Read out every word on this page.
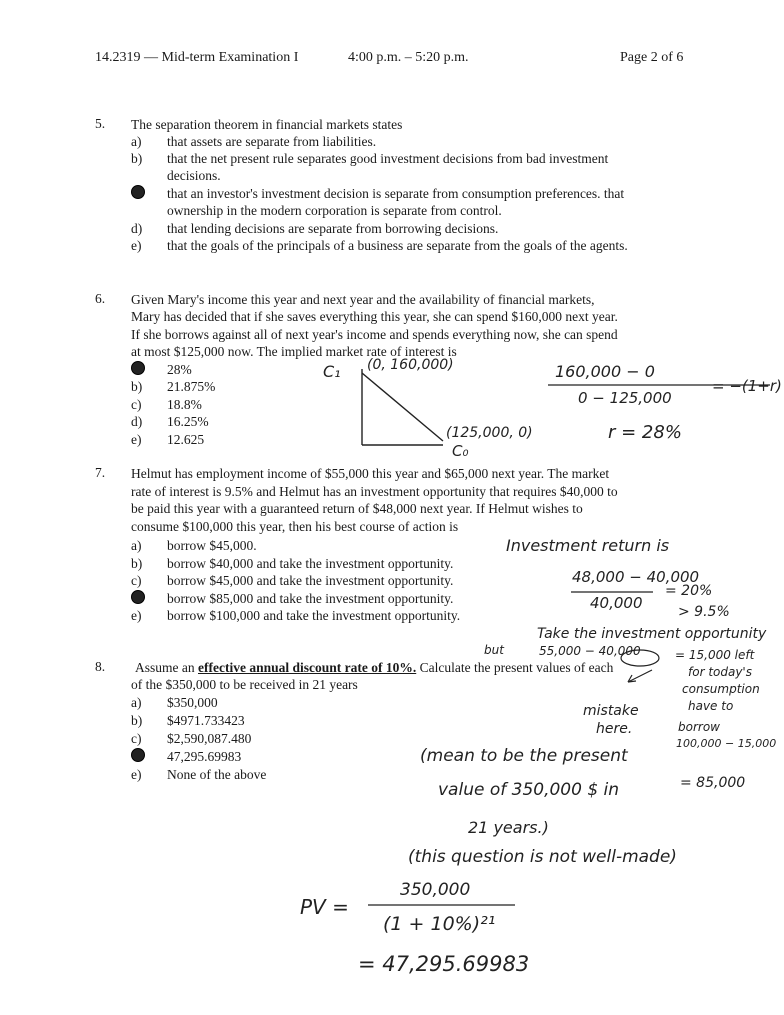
14.2319 — Mid-term Examination I	4:00 p.m. – 5:20 p.m.	Page 2 of 6
5. The separation theorem in financial markets states
a)	that assets are separate from liabilities.
b)	that the net present rule separates good investment decisions from bad investment
decisions.
that an investor's investment decision is separate from consumption preferences. that
ownership in the modern corporation is separate from control.
d)	that lending decisions are separate from borrowing decisions.
e)	that the goals of the principals of a business are separate from the goals of the agents.
6. Given Mary's income this year and next year and the availability of financial markets,
Mary has decided that if she saves everything this year, she can spend $160,000 next year.
If she borrows against all of next year's income and spends everything now, she can spend
at most $125,000 now. The implied market rate of interest is
28%
b)	21.875%
c)	18.8%
d)	16.25%
e)	12.625
7. Helmut has employment income of $55,000 this year and $65,000 next year. The market
rate of interest is 9.5% and Helmut has an investment opportunity that requires $40,000 to
be paid this year with a guaranteed return of $48,000 next year. If Helmut wishes to
consume $100,000 this year, then his best course of action is
a)	borrow $45,000.
b)	borrow $40,000 and take the investment opportunity.
c)	borrow $45,000 and take the investment opportunity.
borrow $85,000 and take the investment opportunity.
e)	borrow $100,000 and take the investment opportunity.
8. Assume an effective annual discount rate of 10%. Calculate the present values of each
of the $350,000 to be received in 21 years
a)	$350,000
b)	$4971.733423
c)	$2,590,087.480
47,295.69983
e)	None of the above
C₁ (0, 160,000)
(125,000, 0)
C₀
160,000 − 0
0 − 125,000
= −(1+r)
r = 28%
Investment return is
48,000 − 40,000
40,000
= 20%
> 9.5%
Take the investment opportunity
but	55,000 − 40,000	= 15,000 left
for today's
consumption
have to
borrow
100,000 − 15,000
= 85,000
mistake
here.
(mean to be the present
value of 350,000 $ in
21 years.)
(this question is not well-made)
PV =
350,000
(1 + 10%)²¹
= 47,295.69983
